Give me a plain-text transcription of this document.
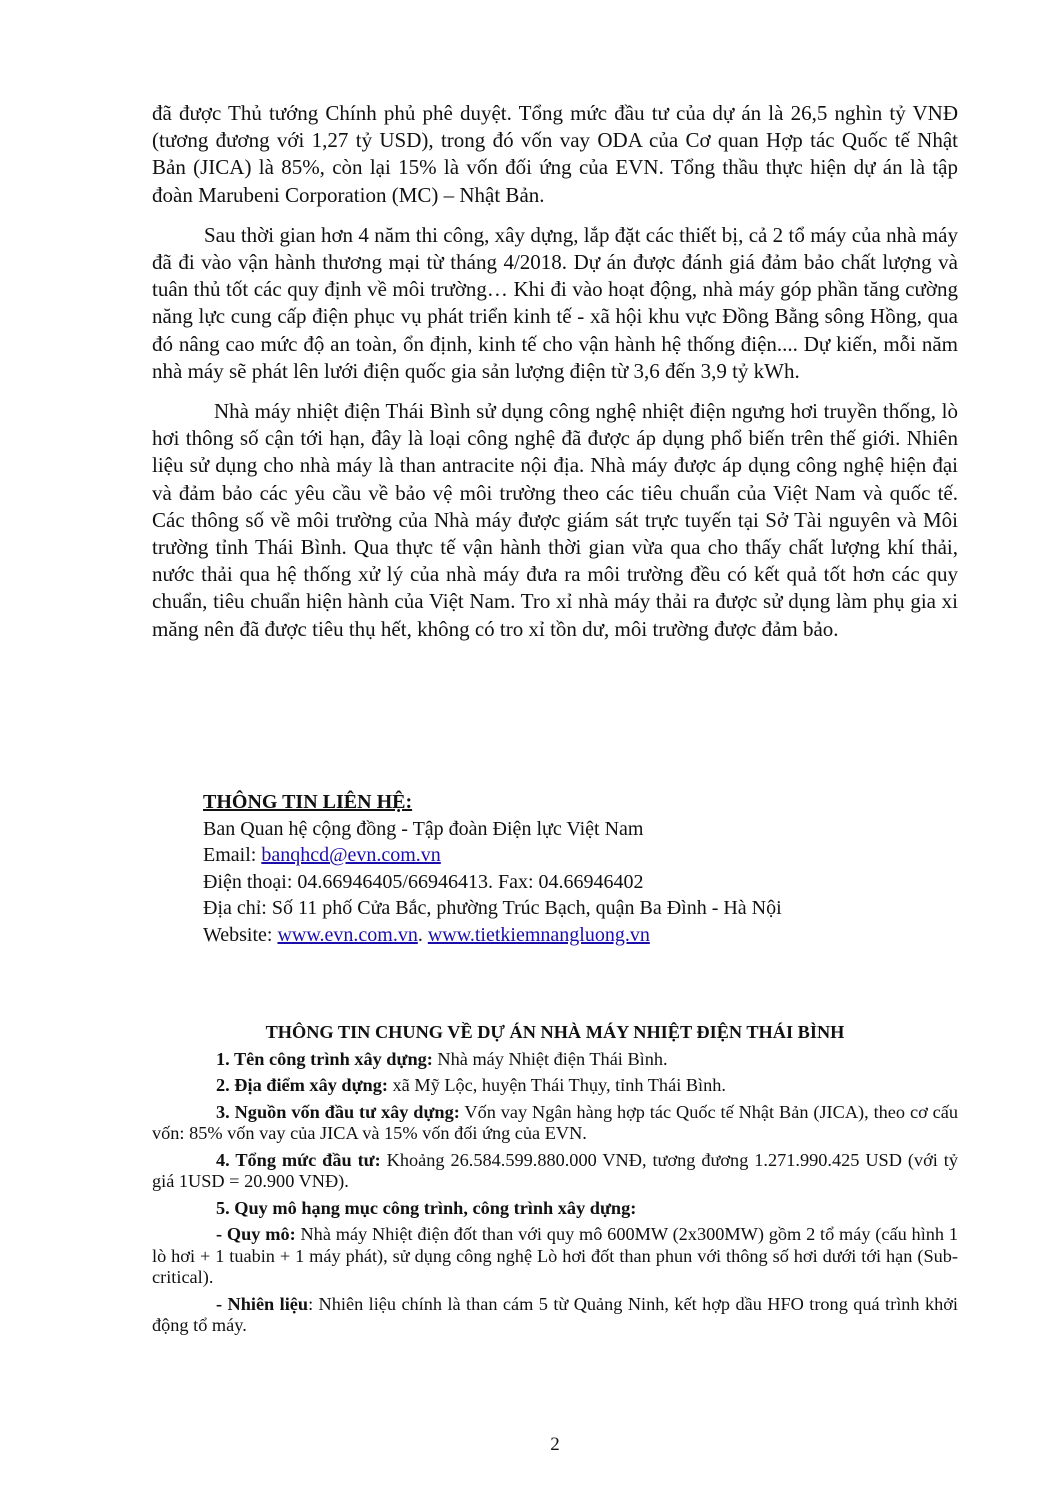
đã được Thủ tướng Chính phủ phê duyệt. Tổng mức đầu tư của dự án là 26,5 nghìn tỷ VNĐ (tương đương với 1,27 tỷ USD), trong đó vốn vay ODA của Cơ quan Hợp tác Quốc tế Nhật Bản (JICA) là 85%, còn lại 15% là vốn đối ứng của EVN. Tổng thầu thực hiện dự án là tập đoàn Marubeni Corporation (MC) – Nhật Bản.

Sau thời gian hơn 4 năm thi công, xây dựng, lắp đặt các thiết bị, cả 2 tổ máy của nhà máy đã đi vào vận hành thương mại từ tháng 4/2018. Dự án được đánh giá đảm bảo chất lượng và tuân thủ tốt các quy định về môi trường… Khi đi vào hoạt động, nhà máy góp phần tăng cường năng lực cung cấp điện phục vụ phát triển kinh tế - xã hội khu vực Đồng Bằng sông Hồng, qua đó nâng cao mức độ an toàn, ổn định, kinh tế cho vận hành hệ thống điện.... Dự kiến, mỗi năm nhà máy sẽ phát lên lưới điện quốc gia sản lượng điện từ 3,6 đến 3,9 tỷ kWh.

Nhà máy nhiệt điện Thái Bình sử dụng công nghệ nhiệt điện ngưng hơi truyền thống, lò hơi thông số cận tới hạn, đây là loại công nghệ đã được áp dụng phổ biến trên thế giới. Nhiên liệu sử dụng cho nhà máy là than antracite nội địa. Nhà máy được áp dụng công nghệ hiện đại và đảm bảo các yêu cầu về bảo vệ môi trường theo các tiêu chuẩn của Việt Nam và quốc tế. Các thông số về môi trường của Nhà máy được giám sát trực tuyến tại Sở Tài nguyên và Môi trường tỉnh Thái Bình. Qua thực tế vận hành thời gian vừa qua cho thấy chất lượng khí thải, nước thải qua hệ thống xử lý của nhà máy đưa ra môi trường đều có kết quả tốt hơn các quy chuẩn, tiêu chuẩn hiện hành của Việt Nam. Tro xỉ nhà máy thải ra được sử dụng làm phụ gia xi măng nên đã được tiêu thụ hết, không có tro xỉ tồn dư, môi trường được đảm bảo.

THÔNG TIN LIÊN HỆ:
Ban Quan hệ cộng đồng - Tập đoàn Điện lực Việt Nam
Email: banqhcd@evn.com.vn
Điện thoại: 04.66946405/66946413. Fax: 04.66946402
Địa chỉ: Số 11 phố Cửa Bắc, phường Trúc Bạch, quận Ba Đình - Hà Nội
Website: www.evn.com.vn. www.tietkiemnangluong.vn

THÔNG TIN CHUNG VỀ DỰ ÁN NHÀ MÁY NHIỆT ĐIỆN THÁI BÌNH

1. Tên công trình xây dựng: Nhà máy Nhiệt điện Thái Bình.

2. Địa điểm xây dựng: xã Mỹ Lộc, huyện Thái Thụy, tỉnh Thái Bình.

3. Nguồn vốn đầu tư xây dựng: Vốn vay Ngân hàng hợp tác Quốc tế Nhật Bản (JICA), theo cơ cấu vốn: 85% vốn vay của JICA và 15% vốn đối ứng của EVN.

4. Tổng mức đầu tư: Khoảng 26.584.599.880.000 VNĐ, tương đương 1.271.990.425 USD (với tỷ giá 1USD = 20.900 VNĐ).

5. Quy mô hạng mục công trình, công trình xây dựng:

- Quy mô: Nhà máy Nhiệt điện đốt than với quy mô 600MW (2x300MW) gồm 2 tổ máy (cấu hình 1 lò hơi + 1 tuabin + 1 máy phát), sử dụng công nghệ Lò hơi đốt than phun với thông số hơi dưới tới hạn (Sub-critical).

- Nhiên liệu: Nhiên liệu chính là than cám 5 từ Quảng Ninh, kết hợp dầu HFO trong quá trình khởi động tổ máy.

2
